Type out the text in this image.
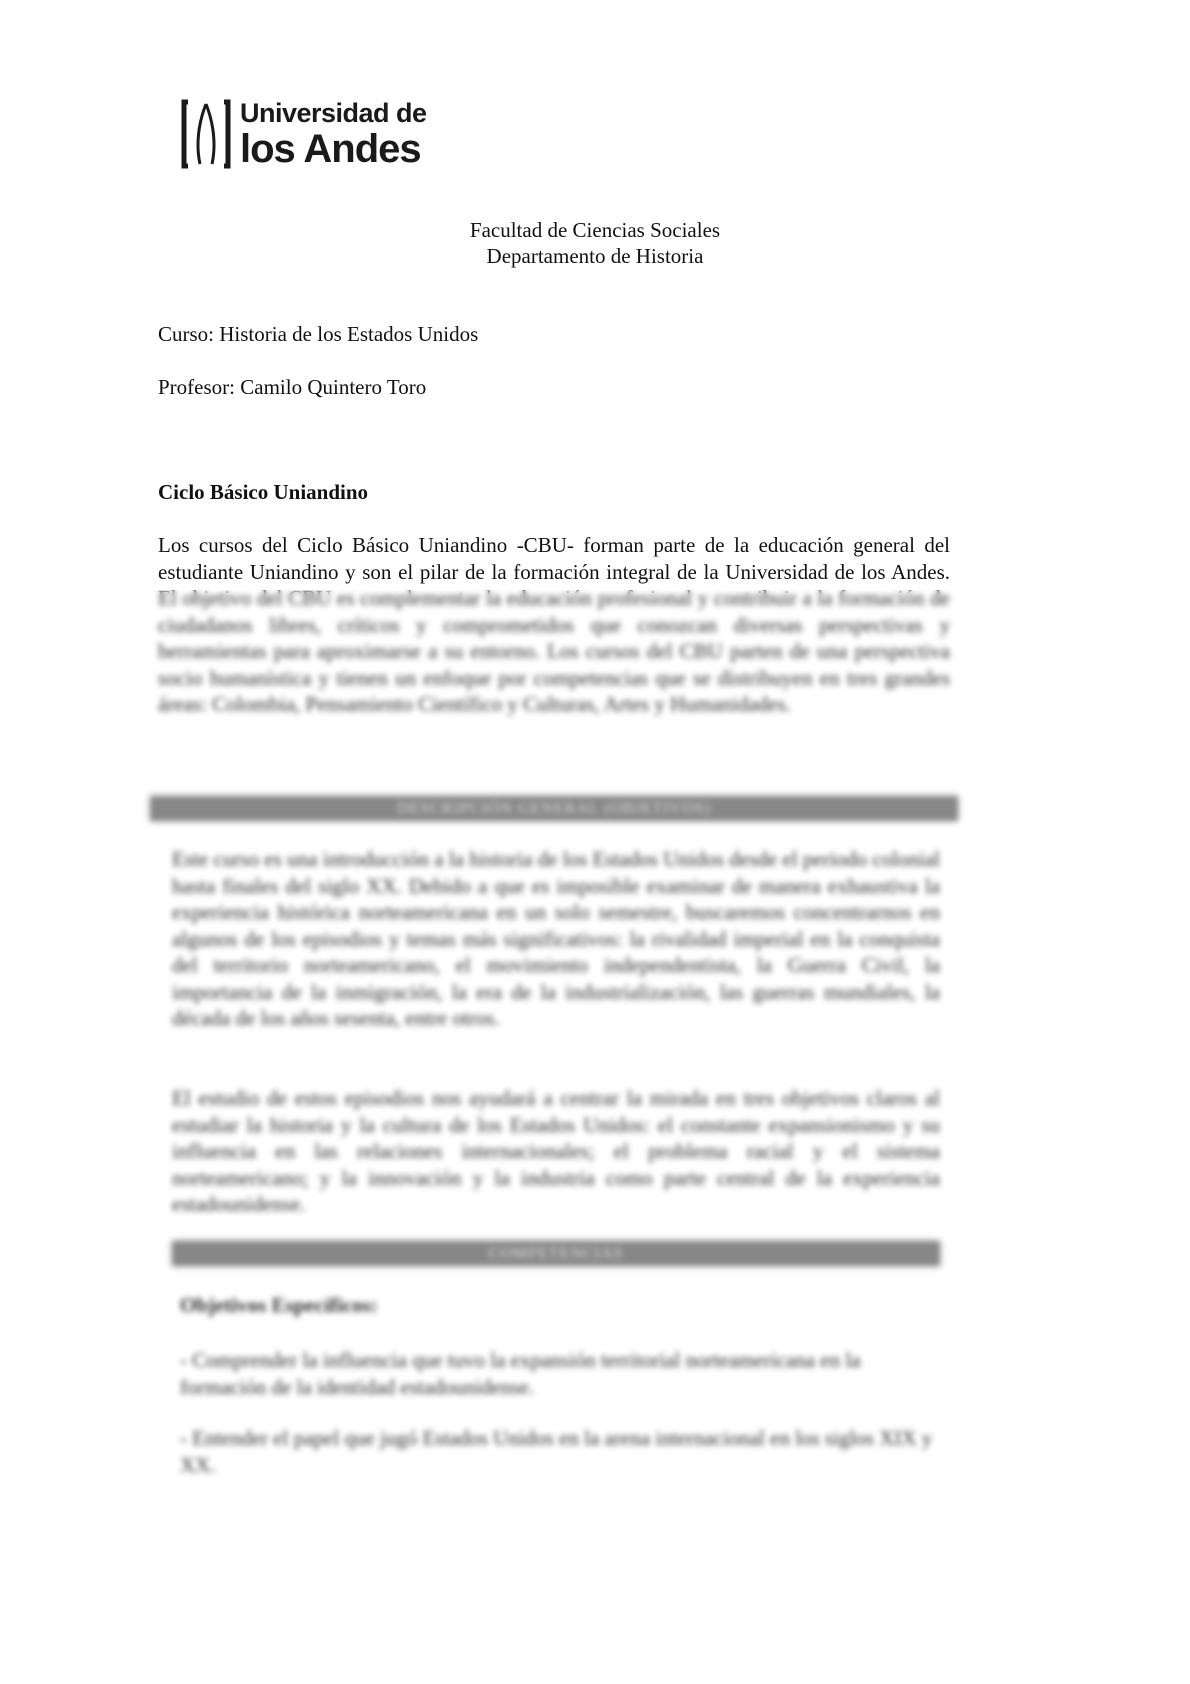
Universidad de
los Andes
Facultad de Ciencias Sociales
Departamento de Historia
Curso: Historia de los Estados Unidos
Profesor: Camilo Quintero Toro
Ciclo Básico Uniandino
Los cursos del Ciclo Básico Uniandino -CBU- forman parte de la educación general del estudiante Uniandino y son el pilar de la formación integral de la Universidad de los Andes. El objetivo del CBU es complementar la educación profesional y contribuir a la formación de ciudadanos libres, críticos y comprometidos que conozcan diversas perspectivas y herramientas para aproximarse a su entorno. Los cursos del CBU parten de una perspectiva socio humanística y tienen un enfoque por competencias que se distribuyen en tres grandes áreas: Colombia, Pensamiento Científico y Culturas, Artes y Humanidades.
DESCRIPCIÓN GENERAL (OBJETIVOS)
Este curso es una introducción a la historia de los Estados Unidos desde el periodo colonial hasta finales del siglo XX. Debido a que es imposible examinar de manera exhaustiva la experiencia histórica norteamericana en un solo semestre, buscaremos concentrarnos en algunos de los episodios y temas más significativos: la rivalidad imperial en la conquista del territorio norteamericano, el movimiento independentista, la Guerra Civil, la importancia de la inmigración, la era de la industrialización, las guerras mundiales, la década de los años sesenta, entre otros.
El estudio de estos episodios nos ayudará a centrar la mirada en tres objetivos claros al estudiar la historia y la cultura de los Estados Unidos: el constante expansionismo y su influencia en las relaciones internacionales; el problema racial y el sistema norteamericano; y la innovación y la industria como parte central de la experiencia estadounidense.
COMPETENCIAS
Objetivos Específicos:
- Comprender la influencia que tuvo la expansión territorial norteamericana en la formación de la identidad estadounidense.
- Entender el papel que jugó Estados Unidos en la arena internacional en los siglos XIX y XX.
